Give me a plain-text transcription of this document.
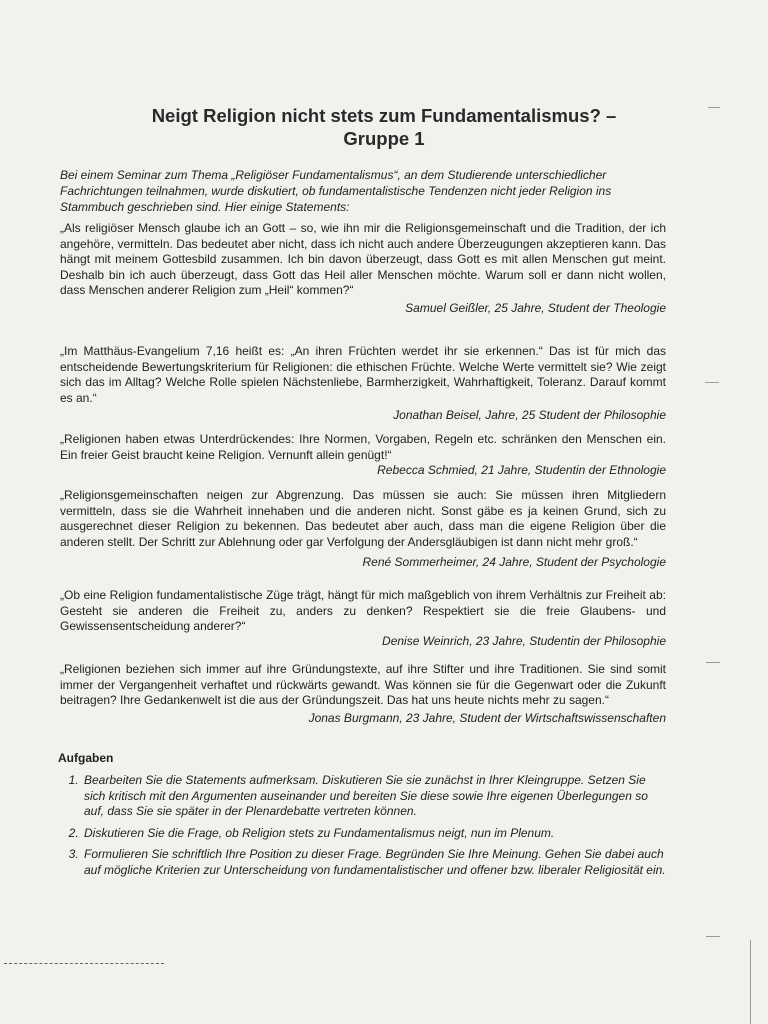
Neigt Religion nicht stets zum Fundamentalismus? –
Gruppe 1
Bei einem Seminar zum Thema „Religiöser Fundamentalismus“, an dem Studierende unterschiedlicher Fachrichtungen teilnahmen, wurde diskutiert, ob fundamentalistische Tendenzen nicht jeder Religion ins Stammbuch geschrieben sind. Hier einige Statements:

„Als religiöser Mensch glaube ich an Gott – so, wie ihn mir die Religionsgemeinschaft und die Tradition, der ich angehöre, vermitteln. Das bedeutet aber nicht, dass ich nicht auch andere Überzeugungen akzeptieren kann. Das hängt mit meinem Gottesbild zusammen. Ich bin davon überzeugt, dass Gott es mit allen Menschen gut meint. Deshalb bin ich auch überzeugt, dass Gott das Heil aller Menschen möchte. Warum soll er dann nicht wollen, dass Menschen anderer Religion zum „Heil“ kommen?“

Samuel Geißler, 25 Jahre, Student der Theologie

„Im Matthäus-Evangelium 7,16 heißt es: „An ihren Früchten werdet ihr sie erkennen.“ Das ist für mich das entscheidende Bewertungskriterium für Religionen: die ethischen Früchte. Welche Werte vermittelt sie? Wie zeigt sich das im Alltag? Welche Rolle spielen Nächstenliebe, Barmherzigkeit, Wahrhaftigkeit, Toleranz. Darauf kommt es an.“

Jonathan Beisel, Jahre, 25 Student der Philosophie

„Religionen haben etwas Unterdrückendes: Ihre Normen, Vorgaben, Regeln etc. schränken den Menschen ein. Ein freier Geist braucht keine Religion. Vernunft allein genügt!“

Rebecca Schmied, 21 Jahre, Studentin der Ethnologie

„Religionsgemeinschaften neigen zur Abgrenzung. Das müssen sie auch: Sie müssen ihren Mitgliedern vermitteln, dass sie die Wahrheit innehaben und die anderen nicht. Sonst gäbe es ja keinen Grund, sich zu ausgerechnet dieser Religion zu bekennen. Das bedeutet aber auch, dass man die eigene Religion über die anderen stellt. Der Schritt zur Ablehnung oder gar Verfolgung der Andersgläubigen ist dann nicht mehr groß.“

René Sommerheimer, 24 Jahre, Student der Psychologie

„Ob eine Religion fundamentalistische Züge trägt, hängt für mich maßgeblich von ihrem Verhältnis zur Freiheit ab: Gesteht sie anderen die Freiheit zu, anders zu denken? Respektiert sie die freie Glaubens- und Gewissensentscheidung anderer?“

Denise Weinrich, 23 Jahre, Studentin der Philosophie

„Religionen beziehen sich immer auf ihre Gründungstexte, auf ihre Stifter und ihre Traditionen. Sie sind somit immer der Vergangenheit verhaftet und rückwärts gewandt. Was können sie für die Gegenwart oder die Zukunft beitragen? Ihre Gedankenwelt ist die aus der Gründungszeit. Das hat uns heute nichts mehr zu sagen.“

Jonas Burgmann, 23 Jahre, Student der Wirtschaftswissenschaften
Aufgaben
1. Bearbeiten Sie die Statements aufmerksam. Diskutieren Sie sie zunächst in Ihrer Kleingruppe. Setzen Sie sich kritisch mit den Argumenten auseinander und bereiten Sie diese sowie Ihre eigenen Überlegungen so auf, dass Sie sie später in der Plenardebatte vertreten können.
2. Diskutieren Sie die Frage, ob Religion stets zu Fundamentalismus neigt, nun im Plenum.
3. Formulieren Sie schriftlich Ihre Position zu dieser Frage. Begründen Sie Ihre Meinung. Gehen Sie dabei auch auf mögliche Kriterien zur Unterscheidung von fundamentalistischer und offener bzw. liberaler Religiosität ein.
